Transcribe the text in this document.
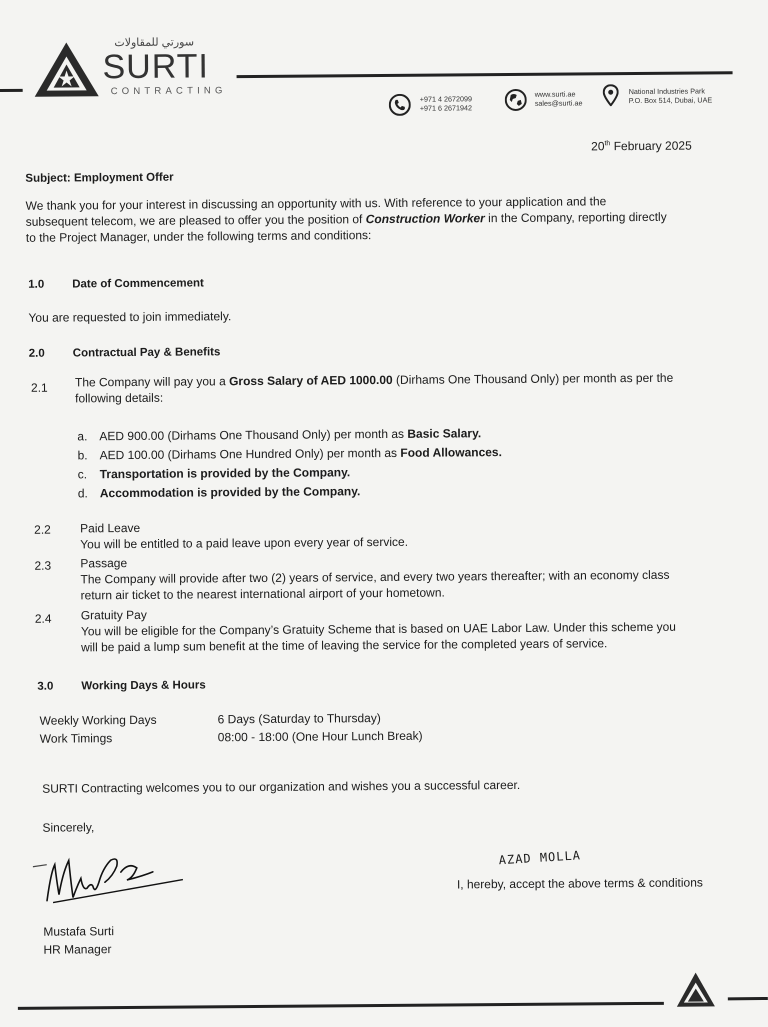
سورتي للمقاولات
SURTI
CONTRACTING
+971 4 2672099
+971 6 2671942
www.surti.ae
sales@surti.ae
National Industries Park
P.O. Box 514, Dubai, UAE
20th February 2025
Subject: Employment Offer
We thank you for your interest in discussing an opportunity with us. With reference to your application and the
subsequent telecom, we are pleased to offer you the position of Construction Worker in the Company, reporting directly
to the Project Manager, under the following terms and conditions:
1.0 Date of Commencement
You are requested to join immediately.
2.0 Contractual Pay & Benefits
2.1 The Company will pay you a Gross Salary of AED 1000.00 (Dirhams One Thousand Only) per month as per the
following details:
a. AED 900.00 (Dirhams One Thousand Only) per month as Basic Salary.
b. AED 100.00 (Dirhams One Hundred Only) per month as Food Allowances.
c. Transportation is provided by the Company.
d. Accommodation is provided by the Company.
2.2 Paid Leave
You will be entitled to a paid leave upon every year of service.
2.3 Passage
The Company will provide after two (2) years of service, and every two years thereafter; with an economy class
return air ticket to the nearest international airport of your hometown.
2.4 Gratuity Pay
You will be eligible for the Company’s Gratuity Scheme that is based on UAE Labor Law. Under this scheme you
will be paid a lump sum benefit at the time of leaving the service for the completed years of service.
3.0 Working Days & Hours
Weekly Working Days	6 Days (Saturday to Thursday)
Work Timings	08:00 - 18:00 (One Hour Lunch Break)
SURTI Contracting welcomes you to our organization and wishes you a successful career.
Sincerely,
Mustafa Surti
HR Manager
AZAD MOLLA
I, hereby, accept the above terms & conditions
